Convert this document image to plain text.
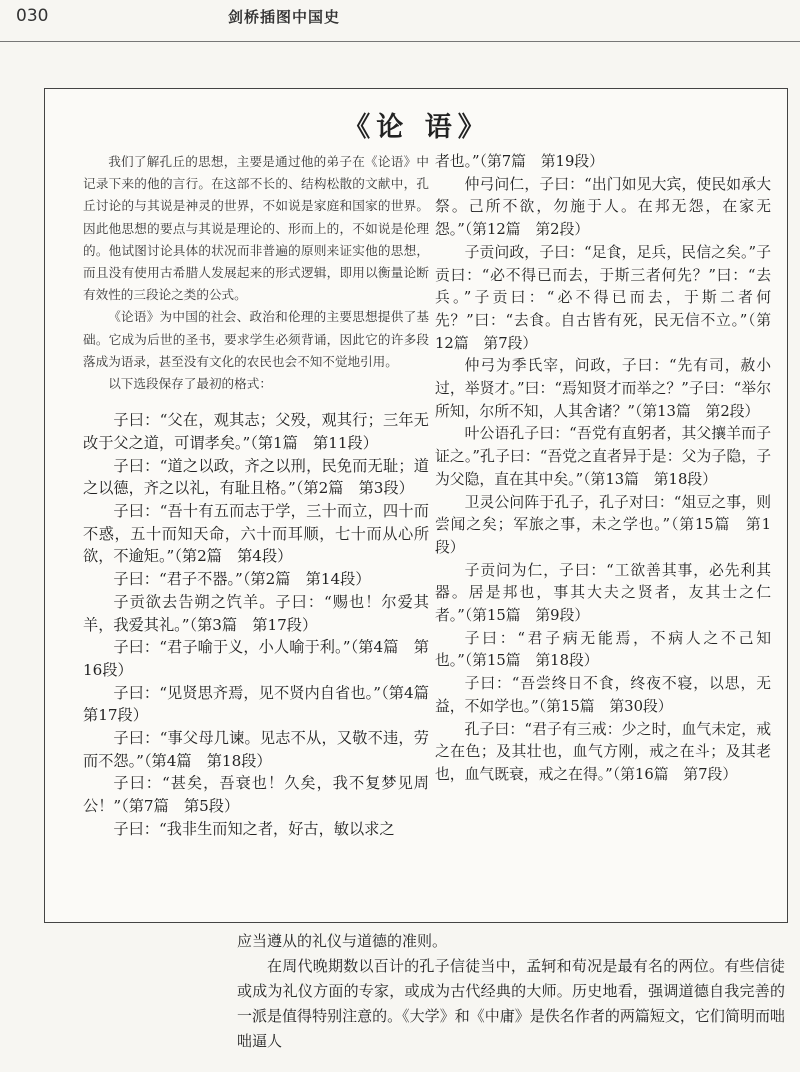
030	剑桥插图中国史
《论 语》

我们了解孔丘的思想，主要是通过他的弟子在《论语》中记录下来的他的言行。在这部不长的、结构松散的文献中，孔丘讨论的与其说是神灵的世界，不如说是家庭和国家的世界。因此他思想的要点与其说是理论的、形而上的，不如说是伦理的。他试图讨论具体的状况而非普遍的原则来证实他的思想，而且没有使用古希腊人发展起来的形式逻辑，即用以衡量论断有效性的三段论之类的公式。

《论语》为中国的社会、政治和伦理的主要思想提供了基础。它成为后世的圣书，要求学生必须背诵，因此它的许多段落成为语录，甚至没有文化的农民也会不知不觉地引用。

以下选段保存了最初的格式：

子曰：“父在，观其志；父殁，观其行；三年无改于父之道，可谓孝矣。”（第1篇　第11段）

子曰：“道之以政，齐之以刑，民免而无耻；道之以德，齐之以礼，有耻且格。”（第2篇　第3段）

子曰：“吾十有五而志于学，三十而立，四十而不惑，五十而知天命，六十而耳顺，七十而从心所欲，不逾矩。”（第2篇　第4段）

子曰：“君子不器。”（第2篇　第14段）

子贡欲去告朔之饩羊。子曰：“赐也！尔爱其羊，我爱其礼。”（第3篇　第17段）

子曰：“君子喻于义，小人喻于利。”（第4篇　第16段）

子曰：“见贤思齐焉，见不贤内自省也。”（第4篇　第17段）

子曰：“事父母几谏。见志不从，又敬不违，劳而不怨。”（第4篇　第18段）

子曰：“甚矣，吾衰也！久矣，我不复梦见周公！”（第7篇　第5段）

子曰：“我非生而知之者，好古，敏以求之

者也。”（第7篇　第19段）

仲弓问仁，子曰：“出门如见大宾，使民如承大祭。己所不欲，勿施于人。在邦无怨，在家无怨。”（第12篇　第2段）

子贡问政，子曰：“足食，足兵，民信之矣。”子贡曰：“必不得已而去，于斯三者何先？”曰：“去兵。”子贡曰：“必不得已而去，于斯二者何先？”曰：“去食。自古皆有死，民无信不立。”（第12篇　第7段）

仲弓为季氏宰，问政，子曰：“先有司，赦小过，举贤才。”曰：“焉知贤才而举之？”子曰：“举尔所知，尔所不知，人其舍诸？”（第13篇　第2段）

叶公语孔子曰：“吾党有直躬者，其父攘羊而子证之。”孔子曰：“吾党之直者异于是：父为子隐，子为父隐，直在其中矣。”（第13篇　第18段）

卫灵公问阵于孔子，孔子对曰：“俎豆之事，则尝闻之矣；军旅之事，未之学也。”（第15篇　第1段）

子贡问为仁，子曰：“工欲善其事，必先利其器。居是邦也，事其大夫之贤者，友其士之仁者。”（第15篇　第9段）

子曰：“君子病无能焉，不病人之不己知也。”（第15篇　第18段）

子曰：“吾尝终日不食，终夜不寝，以思，无益，不如学也。”（第15篇　第30段）

孔子曰：“君子有三戒：少之时，血气未定，戒之在色；及其壮也，血气方刚，戒之在斗；及其老也，血气既衰，戒之在得。”（第16篇　第7段）

应当遵从的礼仪与道德的准则。

在周代晚期数以百计的孔子信徒当中，孟轲和荀况是最有名的两位。有些信徒或成为礼仪方面的专家，或成为古代经典的大师。历史地看，强调道德自我完善的一派是值得特别注意的。《大学》和《中庸》是佚名作者的两篇短文，它们简明而咄咄逼人
